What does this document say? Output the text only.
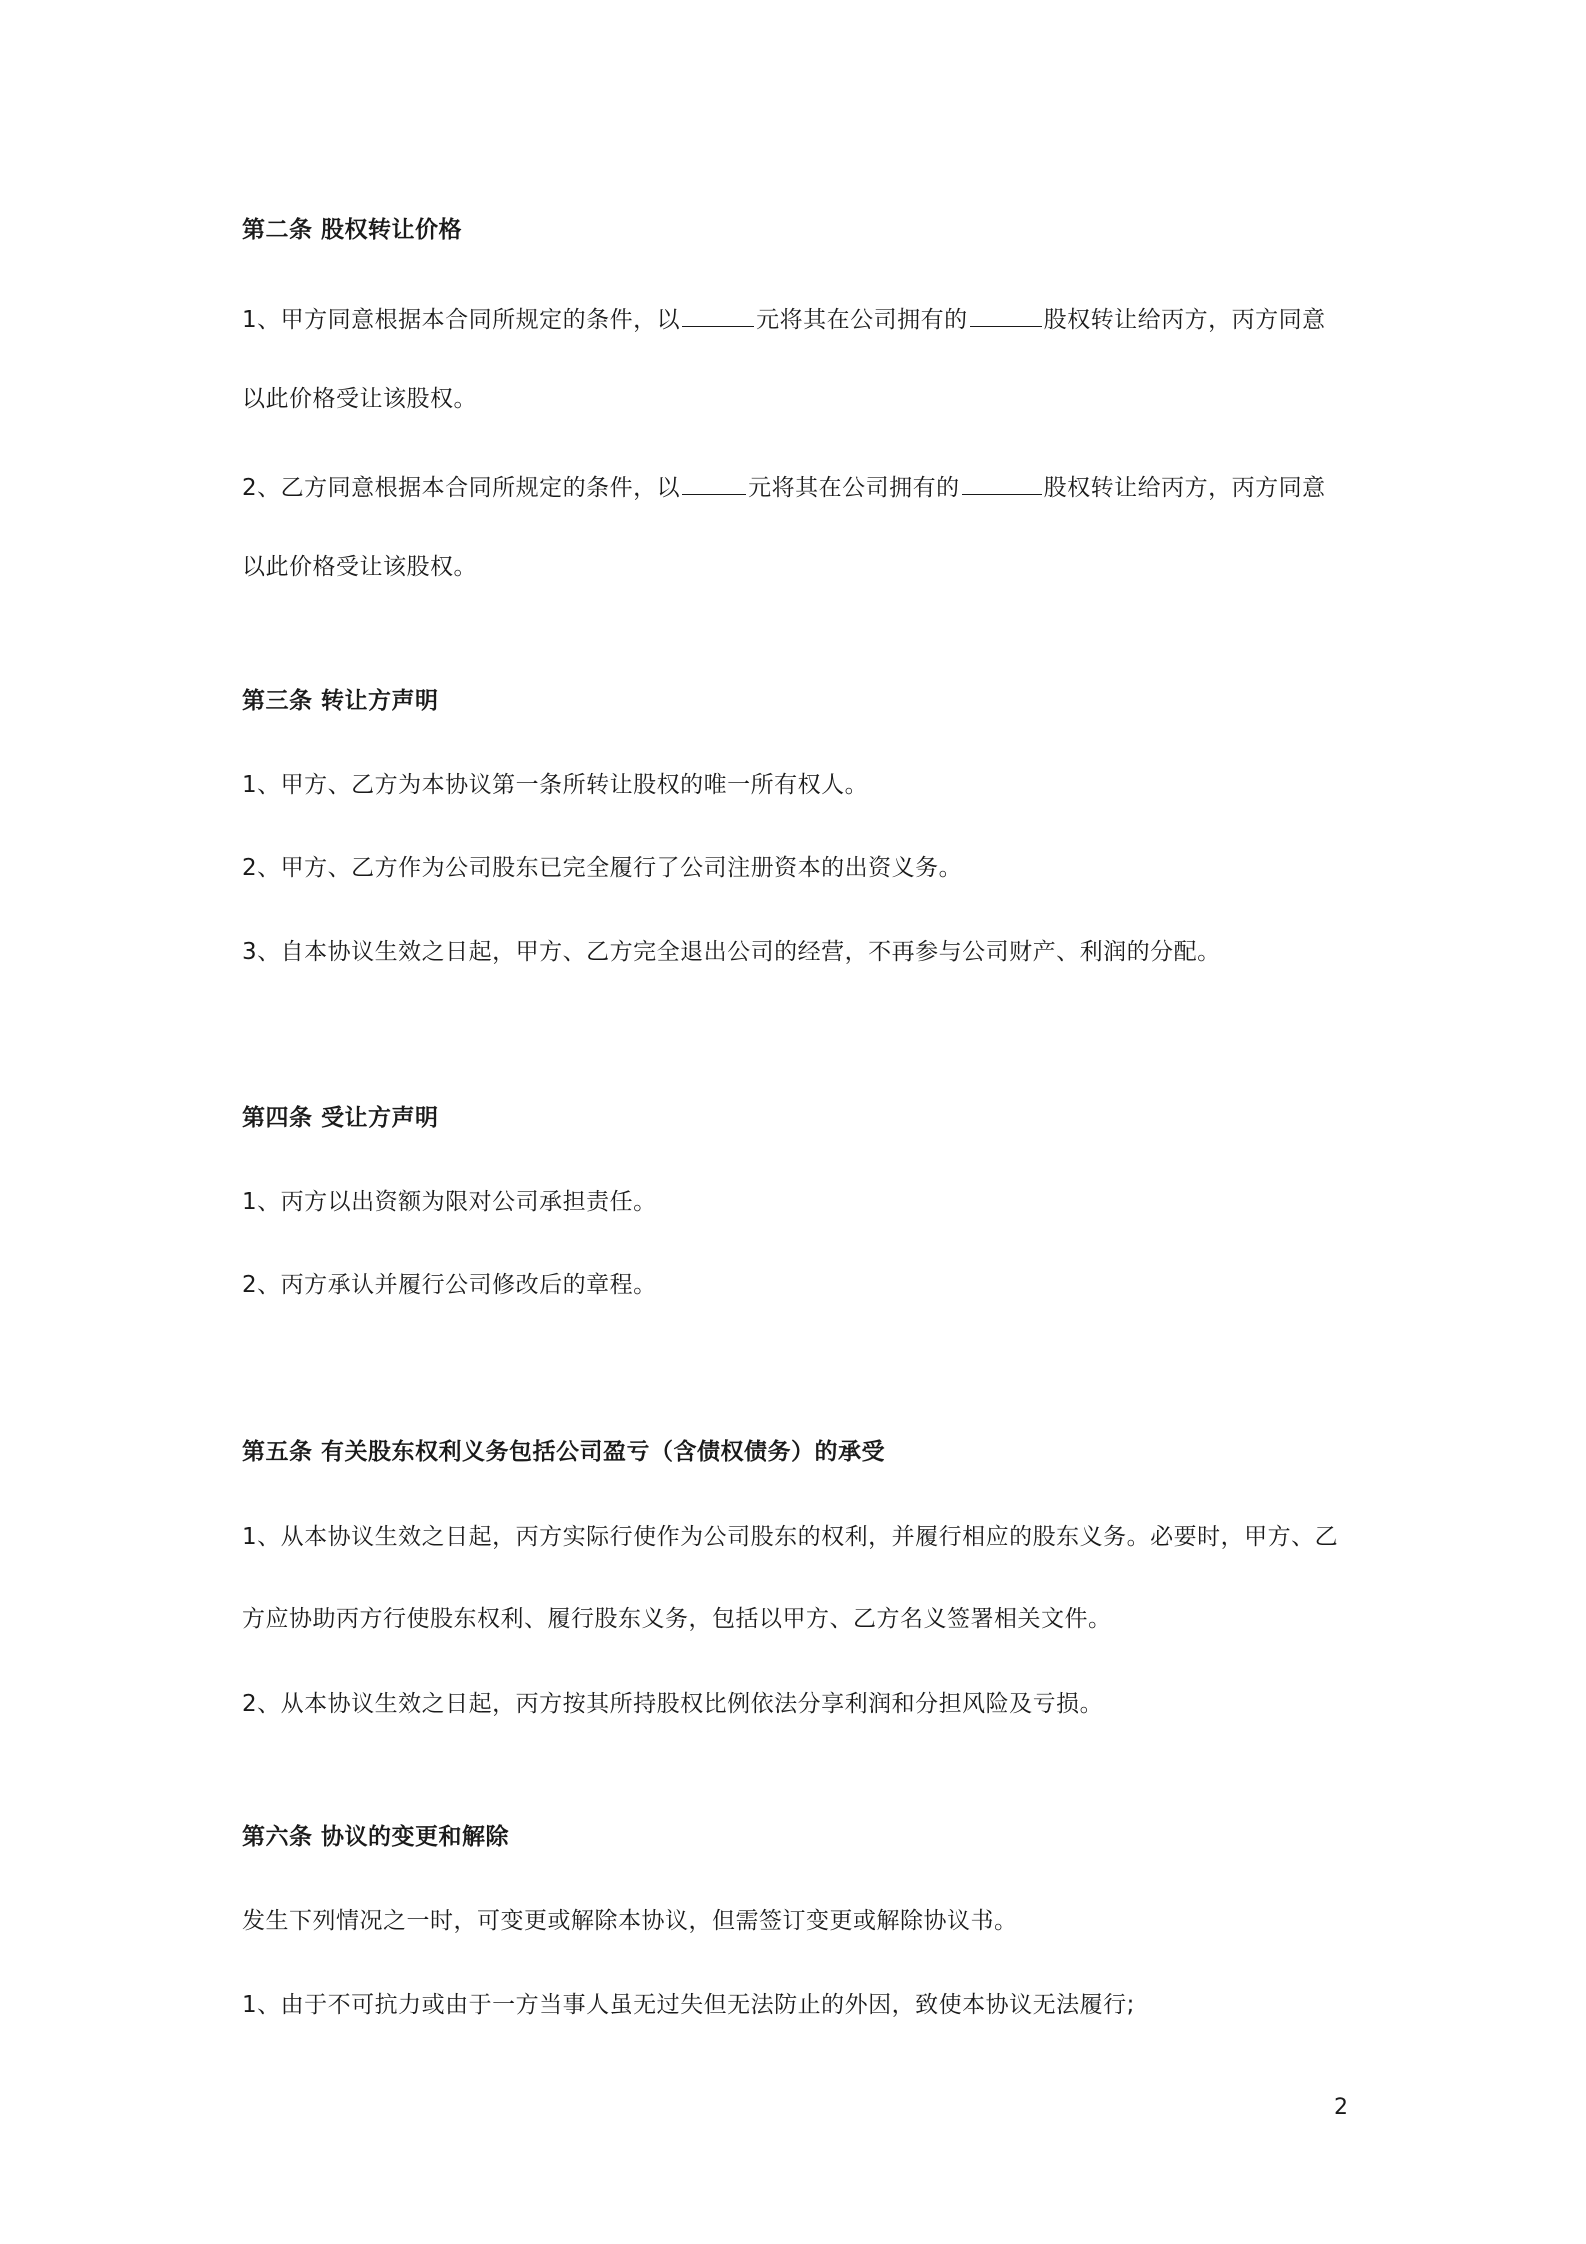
第二条 股权转让价格
1、甲方同意根据本合同所规定的条件，以	元将其在公司拥有的	股权转让给丙方，丙方同意
以此价格受让该股权。
2、乙方同意根据本合同所规定的条件，以	元将其在公司拥有的	股权转让给丙方，丙方同意
以此价格受让该股权。
第三条 转让方声明
1、甲方、乙方为本协议第一条所转让股权的唯一所有权人。
2、甲方、乙方作为公司股东已完全履行了公司注册资本的出资义务。
3、自本协议生效之日起，甲方、乙方完全退出公司的经营，不再参与公司财产、利润的分配。
第四条 受让方声明
1、丙方以出资额为限对公司承担责任。
2、丙方承认并履行公司修改后的章程。
第五条 有关股东权利义务包括公司盈亏（含债权债务）的承受
1、从本协议生效之日起，丙方实际行使作为公司股东的权利，并履行相应的股东义务。必要时，甲方、乙
方应协助丙方行使股东权利、履行股东义务，包括以甲方、乙方名义签署相关文件。
2、从本协议生效之日起，丙方按其所持股权比例依法分享利润和分担风险及亏损。
第六条 协议的变更和解除
发生下列情况之一时，可变更或解除本协议，但需签订变更或解除协议书。
1、由于不可抗力或由于一方当事人虽无过失但无法防止的外因，致使本协议无法履行;
2
